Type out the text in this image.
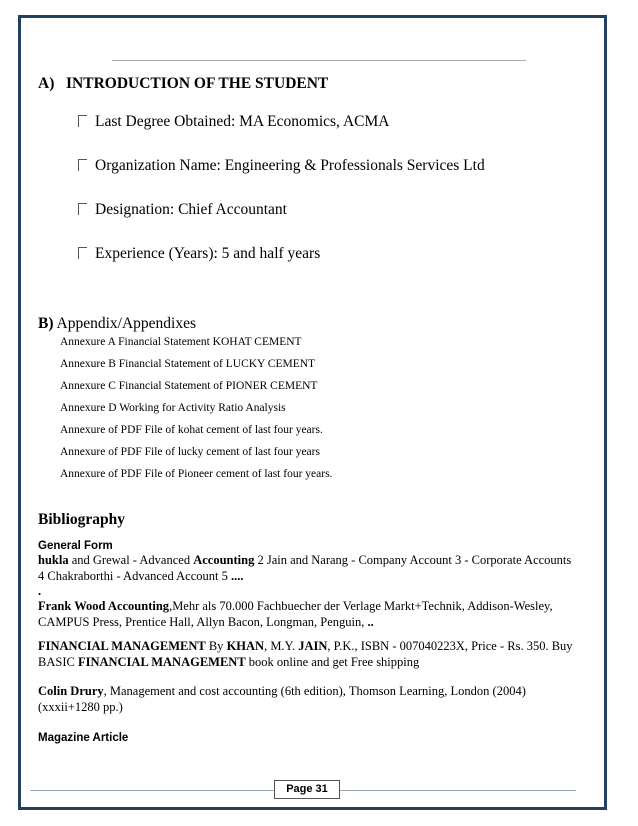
A) INTRODUCTION OF THE STUDENT
Last Degree Obtained: MA Economics, ACMA
Organization Name: Engineering & Professionals Services Ltd
Designation: Chief Accountant
Experience (Years): 5 and half years
B) Appendix/Appendixes
Annexure A Financial Statement KOHAT CEMENT
Annexure B Financial Statement of LUCKY CEMENT
Annexure C Financial Statement of PIONER CEMENT
Annexure D Working for Activity Ratio Analysis
Annexure of PDF File of kohat cement of last four years.
Annexure of PDF File of lucky cement of last four years
Annexure of PDF File of Pioneer cement of last four years.
Bibliography
General Form
hukla and Grewal - Advanced Accounting 2 Jain and Narang - Company Account 3 - Corporate Accounts 4 Chakraborthi - Advanced Account 5 ....
.
Frank Wood Accounting,Mehr als 70.000 Fachbuecher der Verlage Markt+Technik, Addison-Wesley, CAMPUS Press, Prentice Hall, Allyn Bacon, Longman, Penguin, ..
FINANCIAL MANAGEMENT By KHAN, M.Y. JAIN, P.K., ISBN - 007040223X, Price - Rs. 350. Buy BASIC FINANCIAL MANAGEMENT book online and get Free shipping
Colin Drury, Management and cost accounting (6th edition), Thomson Learning, London (2004) (xxxii+1280 pp.)
Magazine Article
Page 31
